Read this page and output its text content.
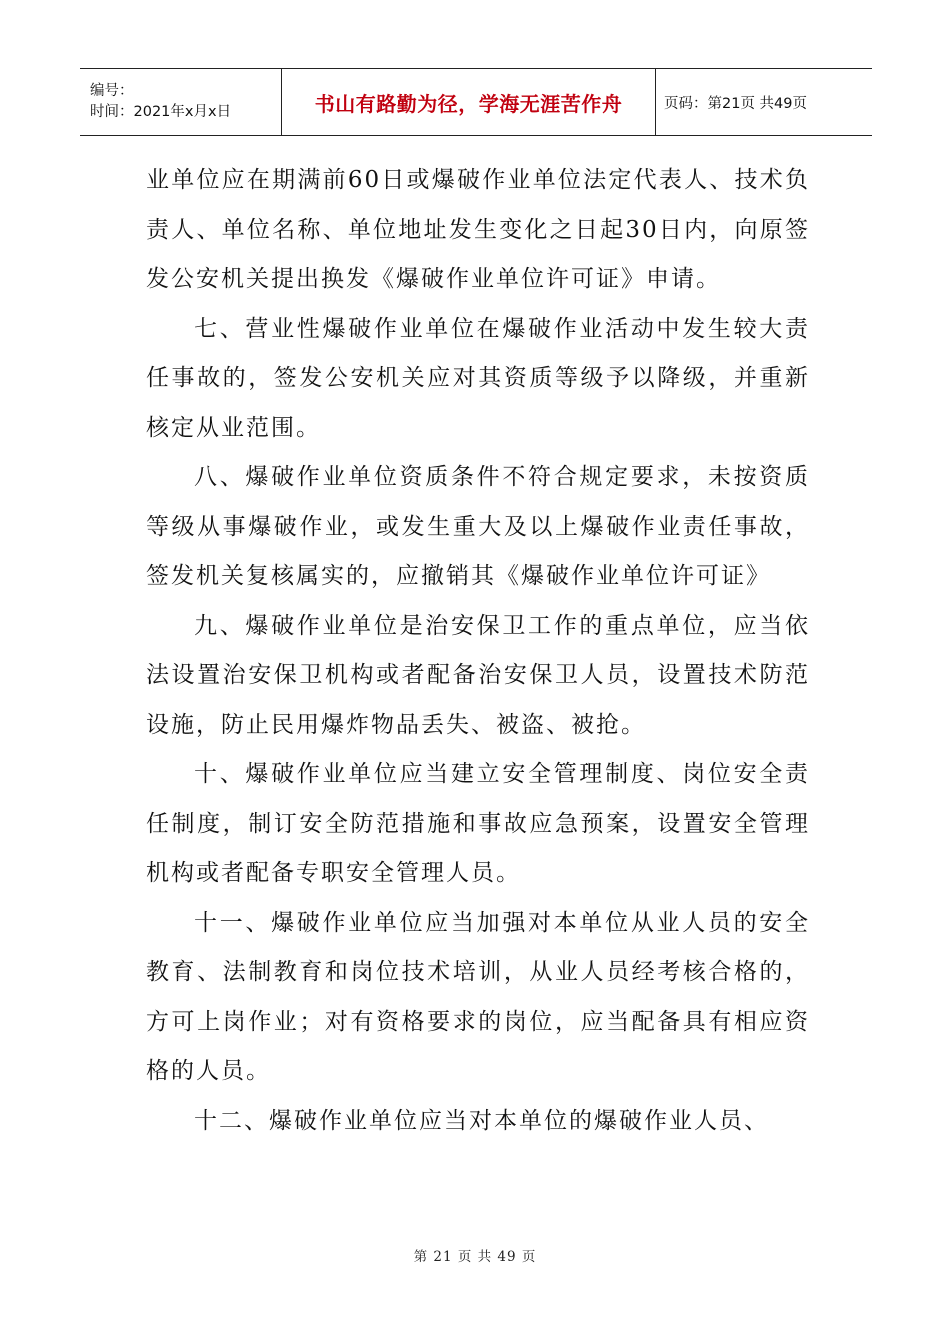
编号：
时间：2021年x月x日	书山有路勤为径，学海无涯苦作舟	页码：第21页 共49页

业单位应在期满前60日或爆破作业单位法定代表人、技术负责人、单位名称、单位地址发生变化之日起30日内，向原签发公安机关提出换发《爆破作业单位许可证》申请。

七、营业性爆破作业单位在爆破作业活动中发生较大责任事故的，签发公安机关应对其资质等级予以降级，并重新核定从业范围。

八、爆破作业单位资质条件不符合规定要求，未按资质等级从事爆破作业，或发生重大及以上爆破作业责任事故，签发机关复核属实的，应撤销其《爆破作业单位许可证》

九、爆破作业单位是治安保卫工作的重点单位，应当依法设置治安保卫机构或者配备治安保卫人员，设置技术防范设施，防止民用爆炸物品丢失、被盗、被抢。

十、爆破作业单位应当建立安全管理制度、岗位安全责任制度，制订安全防范措施和事故应急预案，设置安全管理机构或者配备专职安全管理人员。

十一、爆破作业单位应当加强对本单位从业人员的安全教育、法制教育和岗位技术培训，从业人员经考核合格的，方可上岗作业；对有资格要求的岗位，应当配备具有相应资格的人员。

十二、爆破作业单位应当对本单位的爆破作业人员、

第 21 页 共 49 页
